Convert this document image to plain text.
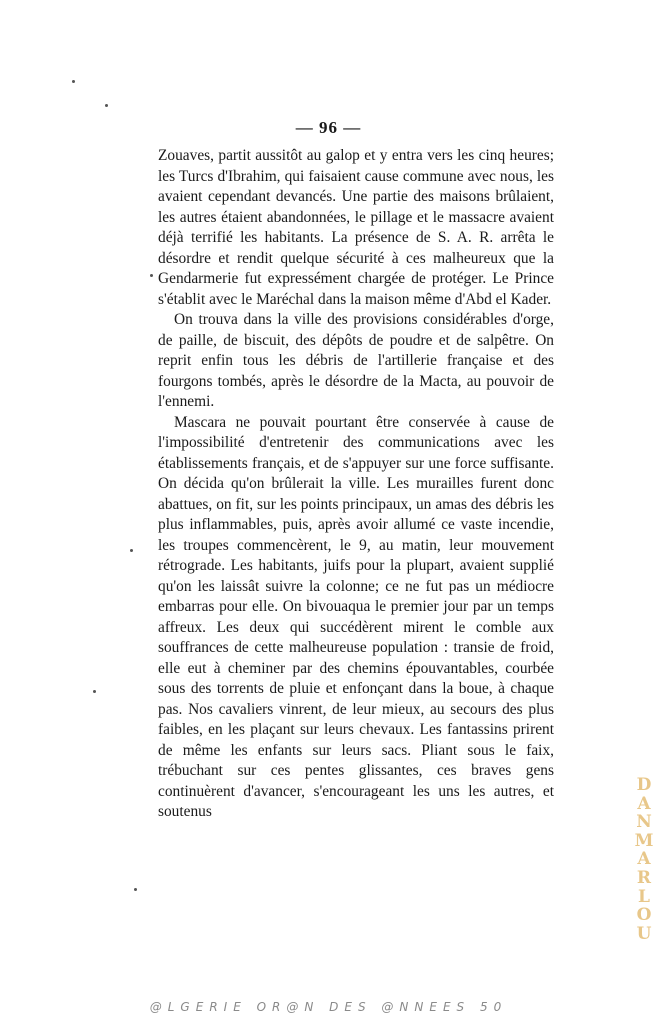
— 96 —

Zouaves, partit aussitôt au galop et y entra vers les cinq heures; les Turcs d'Ibrahim, qui faisaient cause commune avec nous, les avaient cependant devancés. Une partie des maisons brûlaient, les autres étaient abandonnées, le pillage et le massacre avaient déjà terrifié les habitants. La présence de S. A. R. arrêta le désordre et rendit quelque sécurité à ces malheureux que la Gendarmerie fut expressément chargée de protéger. Le Prince s'établit avec le Maréchal dans la maison même d'Abd el Kader.

On trouva dans la ville des provisions considérables d'orge, de paille, de biscuit, des dépôts de poudre et de salpêtre. On reprit enfin tous les débris de l'artillerie française et des fourgons tombés, après le désordre de la Macta, au pouvoir de l'ennemi.

Mascara ne pouvait pourtant être conservée à cause de l'impossibilité d'entretenir des communications avec les établissements français, et de s'appuyer sur une force suffisante. On décida qu'on brûlerait la ville. Les murailles furent donc abattues, on fit, sur les points principaux, un amas des débris les plus inflammables, puis, après avoir allumé ce vaste incendie, les troupes commencèrent, le 9, au matin, leur mouvement rétrograde. Les habitants, juifs pour la plupart, avaient supplié qu'on les laissât suivre la colonne; ce ne fut pas un médiocre embarras pour elle. On bivouaqua le premier jour par un temps affreux. Les deux qui succédèrent mirent le comble aux souffrances de cette malheureuse population : transie de froid, elle eut à cheminer par des chemins épouvantables, courbée sous des torrents de pluie et enfonçant dans la boue, à chaque pas. Nos cavaliers vinrent, de leur mieux, au secours des plus faibles, en les plaçant sur leurs chevaux. Les fantassins prirent de même les enfants sur leurs sacs. Pliant sous le faix, trébuchant sur ces pentes glissantes, ces braves gens continuèrent d'avancer, s'encourageant les uns les autres, et soutenus

D
A
N
M
A
R
L
O
U
@LGERIE OR@N DES @NNEES 50
